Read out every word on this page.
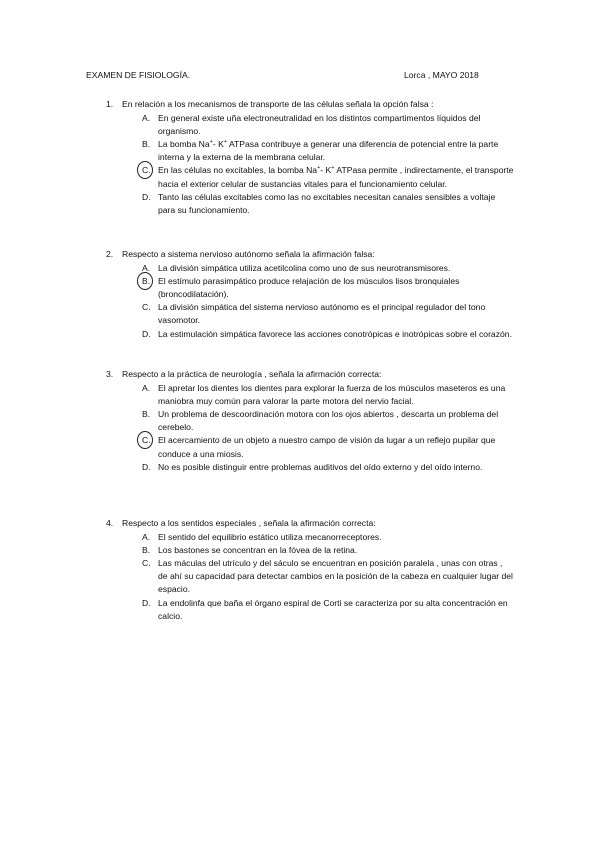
EXAMEN DE FISIOLOGÍA.	Lorca , MAYO 2018
1. En relación a los mecanismos de transporte de las células señala la opción falsa :

A. En general existe uña electroneutralidad en los distintos compartimentos líquidos del organismo.

B. La bomba Na+- K+ ATPasa contribuye a generar una diferencia de potencial entre la parte interna y la externa de la membrana celular.

C. En las células no excitables, la bomba Na+- K+ ATPasa permite , indirectamente, el transporte hacia el exterior celular de sustancias vitales para el funcionamiento celular.

D. Tanto las células excitables como las no excitables necesitan canales sensibles a voltaje para su funcionamiento.

2. Respecto a sistema nervioso autónomo señala la afirmación falsa:

A. La división simpática utiliza acetilcolina como uno de sus neurotransmisores.

B. El estímulo parasimpático produce relajación de los músculos lisos bronquiales (broncodilatación).

C. La división simpática del sistema nervioso autónomo es el principal regulador del tono vasomotor.

D. La estimulación simpática favorece las acciones conotrópicas e inotrópicas sobre el corazón.

3. Respecto a la práctica de neurología , señala la afirmación correcta:

A. El apretar los dientes los dientes para explorar la fuerza de los músculos maseteros es una maniobra muy común para valorar la parte motora del nervio facial.

B. Un problema de descoordinación motora con los ojos abiertos , descarta un problema del cerebelo.

C. El acercamiento de un objeto a nuestro campo de visión da lugar a un reflejo pupilar que conduce a una miosis.

D. No es posible distinguir entre problemas auditivos del oído externo y del oído interno.

4. Respecto a los sentidos especiales , señala la afirmación correcta:

A. El sentido del equilibrio estático utiliza mecanorreceptores.

B. Los bastones se concentran en la fóvea de la retina.

C. Las máculas del utrículo y del sáculo se encuentran en posición paralela , unas con otras , de ahí su capacidad para detectar cambios en la posición de la cabeza en cualquier lugar del espacio.

D. La endolinfa que baña el órgano espiral de Corti se caracteriza por su alta concentración en calcio.
